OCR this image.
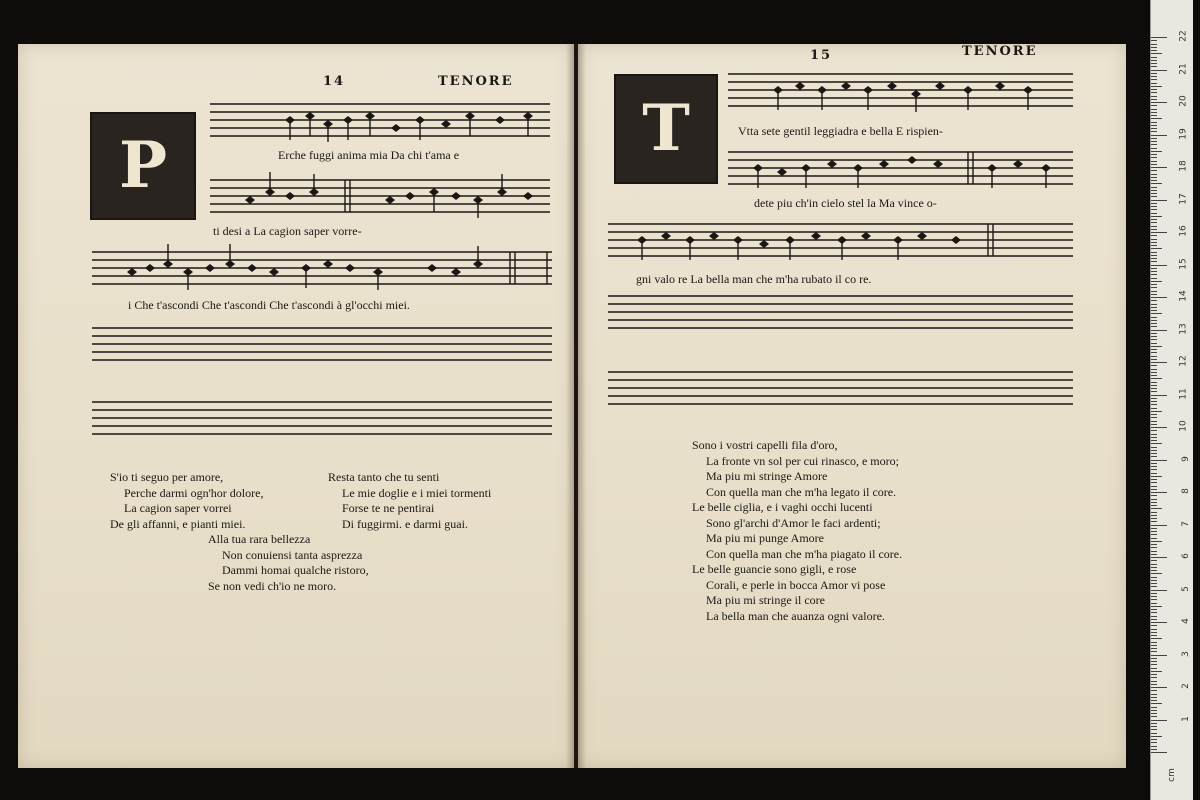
14	TENORE
P	Erche fuggi anima mia Da chi t'ama e
ti desi a La cagion saper vorre-
i Che t'ascondi Che t'ascondi Che t'ascondi à gl'occhi miei.
S'io ti seguo per amore,
Perche darmi ogn'hor dolore,
La cagion saper vorrei
De gli affanni, e pianti miei.
Resta tanto che tu senti
Le mie doglie e i miei tormenti
Forse te ne pentirai
Di fuggirmi. e darmi guai.
Alla tua rara bellezza
Non conuiensi tanta asprezza
Dammi homai qualche ristoro,
Se non vedi ch'io ne moro.
15	TENORE
T	Vtta sete gentil leggiadra e bella E rispien-
dete piu ch'in cielo stel la Ma vince o-
gni valo re La bella man che m'ha rubato il co re.
Sono i vostri capelli fila d'oro,
La fronte vn sol per cui rinasco, e moro;
Ma piu mi stringe Amore
Con quella man che m'ha legato il core.
Le belle ciglia, e i vaghi occhi lucenti
Sono gl'archi d'Amor le faci ardenti;
Ma piu mi punge Amore
Con quella man che m'ha piagato il core.
Le belle guancie sono gigli, e rose
Corali, e perle in bocca Amor vi pose
Ma piu mi stringe il core
La bella man che auanza ogni valore.
cm
1
2
3
4
5
6
7
8
9
10
11
12
13
14
15
16
17
18
19
20
21
22
